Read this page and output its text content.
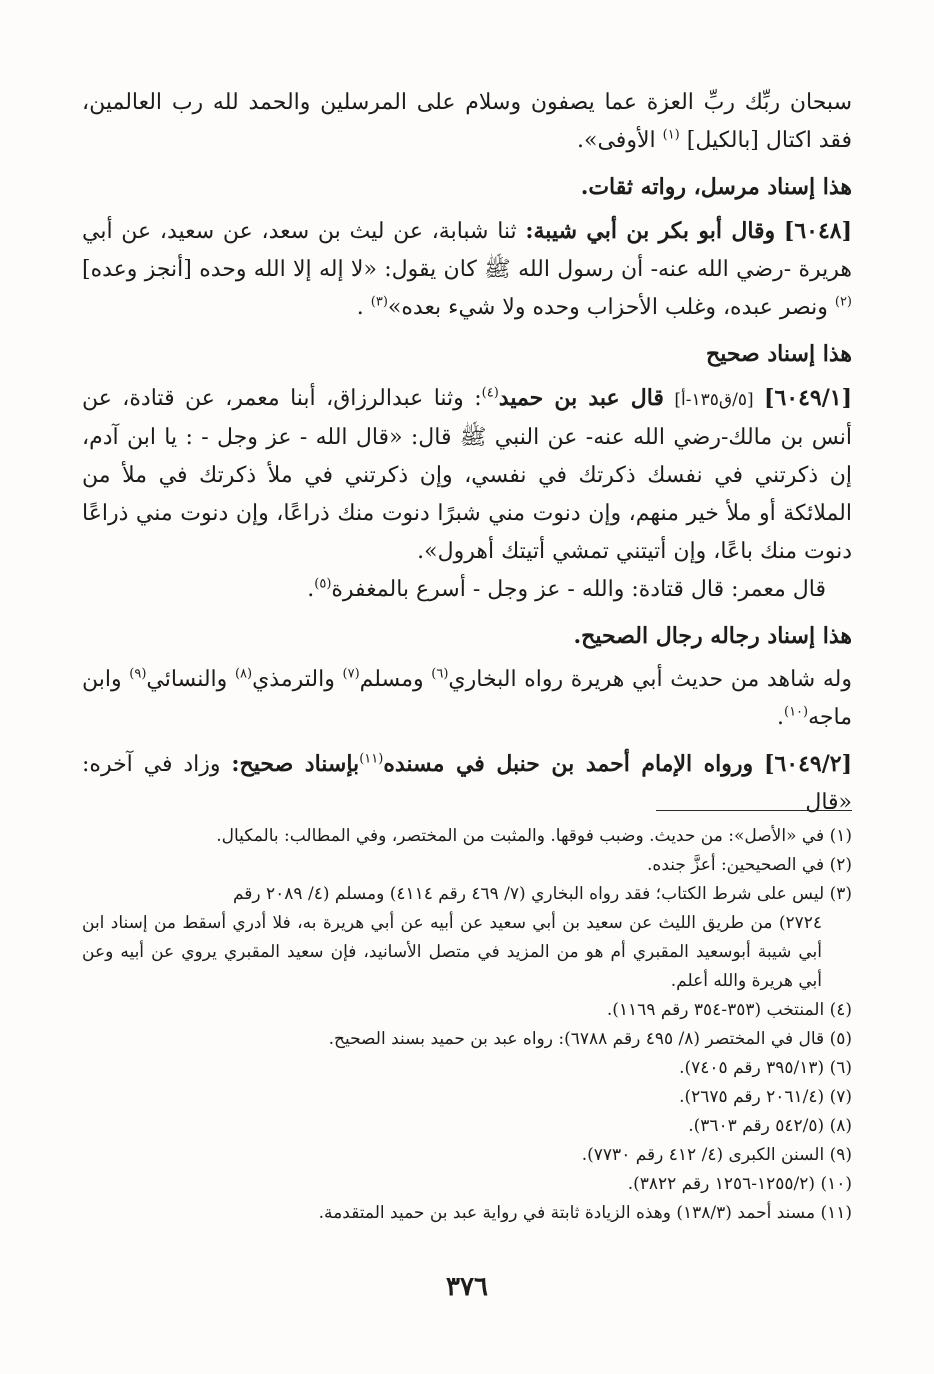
سبحان ربِّك ربِّ العزة عما يصفون وسلام على المرسلين والحمد لله رب العالمين، فقد اكتال [بالكيل] $^{(١)}$ الأوفى».

هذا إسناد مرسل، رواته ثقات.

[٦٠٤٨] وقال أبو بكر بن أبي شيبة: ثنا شبابة، عن ليث بن سعد، عن سعيد، عن أبي هريرة -رضي الله عنه- أن رسول الله ﷺ كان يقول: «لا إله إلا الله وحده [أنجز وعده]$^{(٢)}$ ونصر عبده، وغلب الأحزاب وحده ولا شيء بعده»$^{(٣)}$ .

هذا إسناد صحيح

[٦٠٤٩/١] [٥/ق١٣٥-أ] قال عبد بن حميد$^{(٤)}$: وثنا عبدالرزاق، أبنا معمر، عن قتادة، عن أنس بن مالك-رضي الله عنه- عن النبي ﷺ قال: «قال الله - عز وجل - : يا ابن آدم، إن ذكرتني في نفسك ذكرتك في نفسي، وإن ذكرتني في ملأ ذكرتك في ملأ من الملائكة أو ملأ خير منهم، وإن دنوت مني شبرًا دنوت منك ذراعًا، وإن دنوت مني ذراعًا دنوت منك باعًا، وإن أتيتني تمشي أتيتك أهرول».

قال معمر: قال قتادة: والله - عز وجل - أسرع بالمغفرة$^{(٥)}$.

هذا إسناد رجاله رجال الصحيح.

وله شاهد من حديث أبي هريرة رواه البخاري$^{(٦)}$ ومسلم$^{(٧)}$ والترمذي$^{(٨)}$ والنسائي$^{(٩)}$ وابن ماجه$^{(١٠)}$.

[٦٠٤٩/٢] ورواه الإمام أحمد بن حنبل في مسنده$^{(١١)}$بإسناد صحيح: وزاد في آخره: «قال

(١) في «الأصل»: من حديث. وضبب فوقها. والمثبت من المختصر، وفي المطالب: بالمكيال.

(٢) في الصحيحين: أعزَّ جنده.

(٣) ليس على شرط الكتاب؛ فقد رواه البخاري (٧/ ٤٦٩ رقم ٤١١٤) ومسلم (٤/ ٢٠٨٩ رقم

٢٧٢٤) من طريق الليث عن سعيد بن أبي سعيد عن أبيه عن أبي هريرة به، فلا أدري أسقط من إسناد ابن أبي شيبة أبوسعيد المقبري أم هو من المزيد في متصل الأسانيد، فإن سعيد المقبري يروي عن أبيه وعن أبي هريرة والله أعلم.

(٤) المنتخب (٣٥٣-٣٥٤ رقم ١١٦٩).

(٥) قال في المختصر (٨/ ٤٩٥ رقم ٦٧٨٨): رواه عبد بن حميد بسند الصحيح.

(٦) (٣٩٥/١٣ رقم ٧٤٠٥).

(٧) (٢٠٦١/٤ رقم ٢٦٧٥).

(٨) (٥٤٢/٥ رقم ٣٦٠٣).

(٩) السنن الكبرى (٤/ ٤١٢ رقم ٧٧٣٠).

(١٠) (١٢٥٥/٢-١٢٥٦ رقم ٣٨٢٢).

(١١) مسند أحمد (١٣٨/٣) وهذه الزيادة ثابتة في رواية عبد بن حميد المتقدمة.

٣٧٦
